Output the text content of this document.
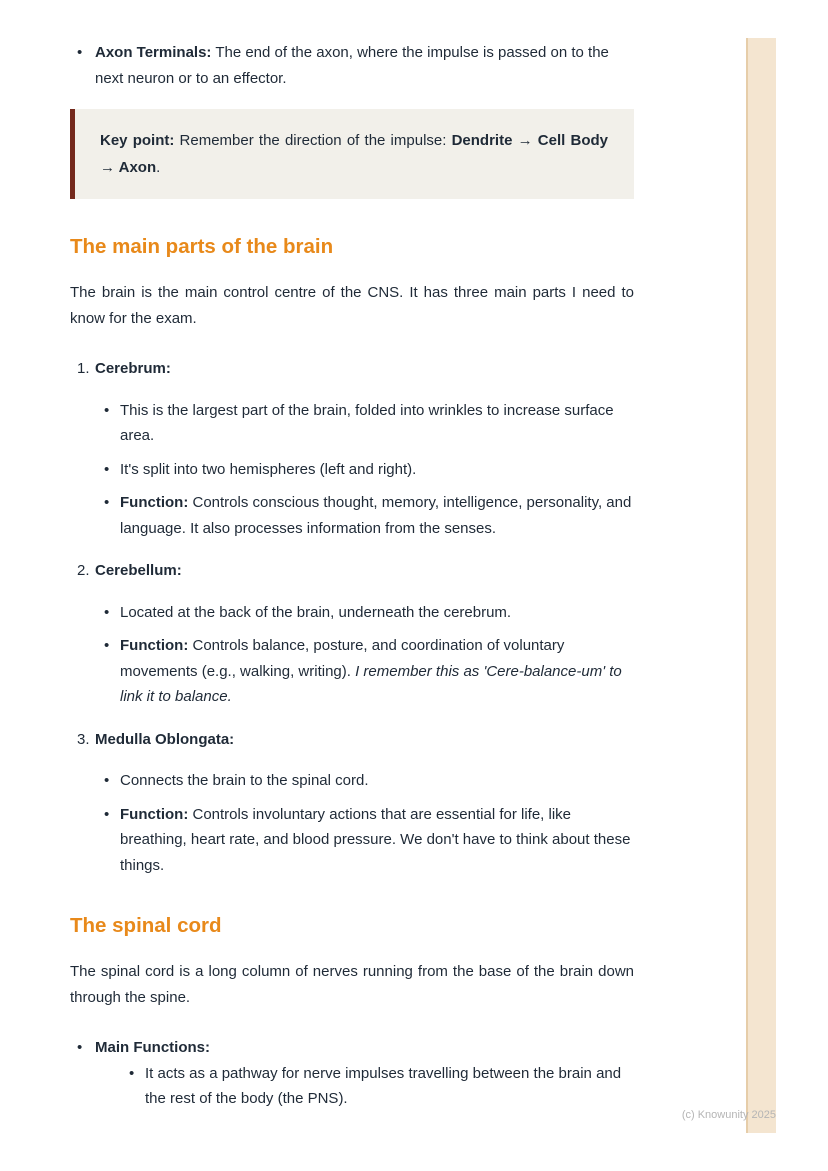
• Axon Terminals: The end of the axon, where the impulse is passed on to the next neuron or to an effector.

Key point: Remember the direction of the impulse: Dendrite → Cell Body → Axon.

The main parts of the brain

The brain is the main control centre of the CNS. It has three main parts I need to know for the exam.

1. Cerebrum:
• This is the largest part of the brain, folded into wrinkles to increase surface area.
• It's split into two hemispheres (left and right).
• Function: Controls conscious thought, memory, intelligence, personality, and language. It also processes information from the senses.
2. Cerebellum:
• Located at the back of the brain, underneath the cerebrum.
• Function: Controls balance, posture, and coordination of voluntary movements (e.g., walking, writing). I remember this as 'Cere-balance-um' to link it to balance.
3. Medulla Oblongata:
• Connects the brain to the spinal cord.
• Function: Controls involuntary actions that are essential for life, like breathing, heart rate, and blood pressure. We don't have to think about these things.
The spinal cord

The spinal cord is a long column of nerves running from the base of the brain down through the spine.

• Main Functions:
• It acts as a pathway for nerve impulses travelling between the brain and the rest of the body (the PNS).
(c) Knowunity 2025
